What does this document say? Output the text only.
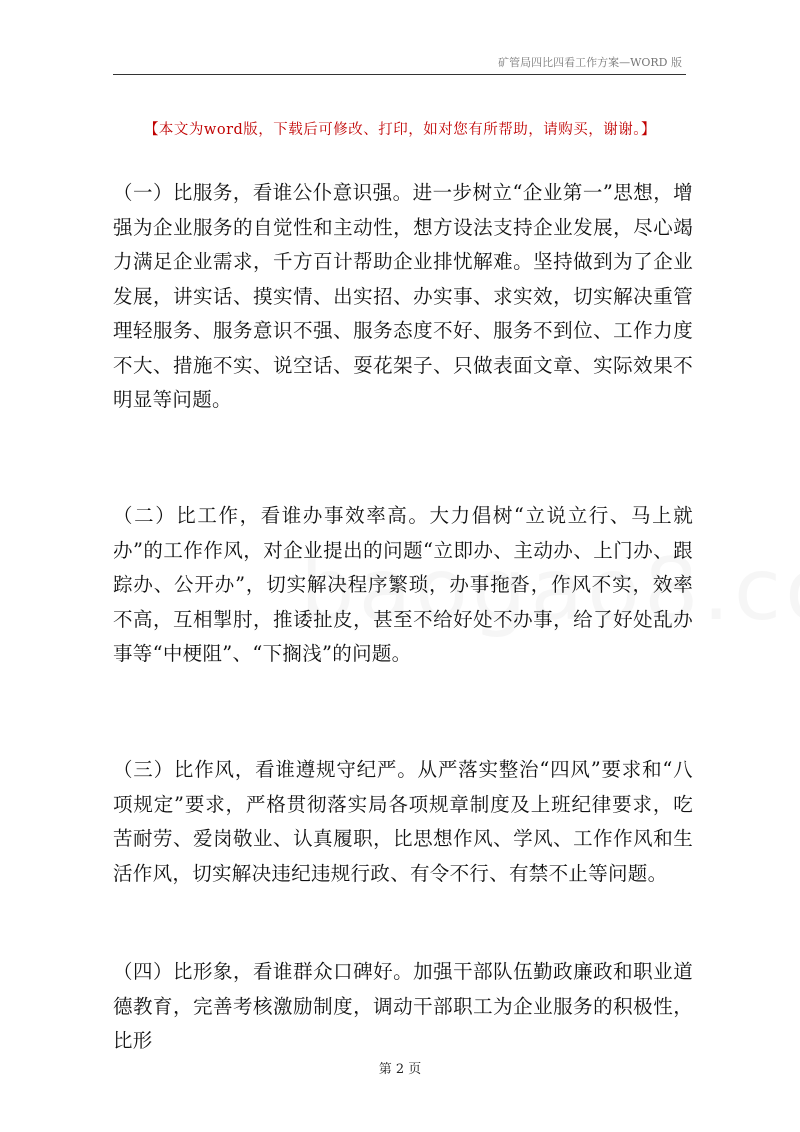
矿管局四比四看工作方案—WORD 版
【本文为word版，下载后可修改、打印，如对您有所帮助，请购买，谢谢。】

（一）比服务，看谁公仆意识强。进一步树立“企业第一”思想，增强为企业服务的自觉性和主动性，想方设法支持企业发展，尽心竭力满足企业需求，千方百计帮助企业排忧解难。坚持做到为了企业发展，讲实话、摸实情、出实招、办实事、求实效，切实解决重管理轻服务、服务意识不强、服务态度不好、服务不到位、工作力度不大、措施不实、说空话、耍花架子、只做表面文章、实际效果不明显等问题。

（二）比工作，看谁办事效率高。大力倡树“立说立行、马上就办”的工作作风，对企业提出的问题“立即办、主动办、上门办、跟踪办、公开办”，切实解决程序繁琐，办事拖沓，作风不实，效率不高，互相掣肘，推诿扯皮，甚至不给好处不办事，给了好处乱办事等“中梗阻”、“下搁浅”的问题。

（三）比作风，看谁遵规守纪严。从严落实整治“四风”要求和“八项规定”要求，严格贯彻落实局各项规章制度及上班纪律要求，吃苦耐劳、爱岗敬业、认真履职，比思想作风、学风、工作作风和生活作风，切实解决违纪违规行政、有令不行、有禁不止等问题。

（四）比形象，看谁群众口碑好。加强干部队伍勤政廉政和职业道德教育，完善考核激励制度，调动干部职工为企业服务的积极性，比形

第 2 页
